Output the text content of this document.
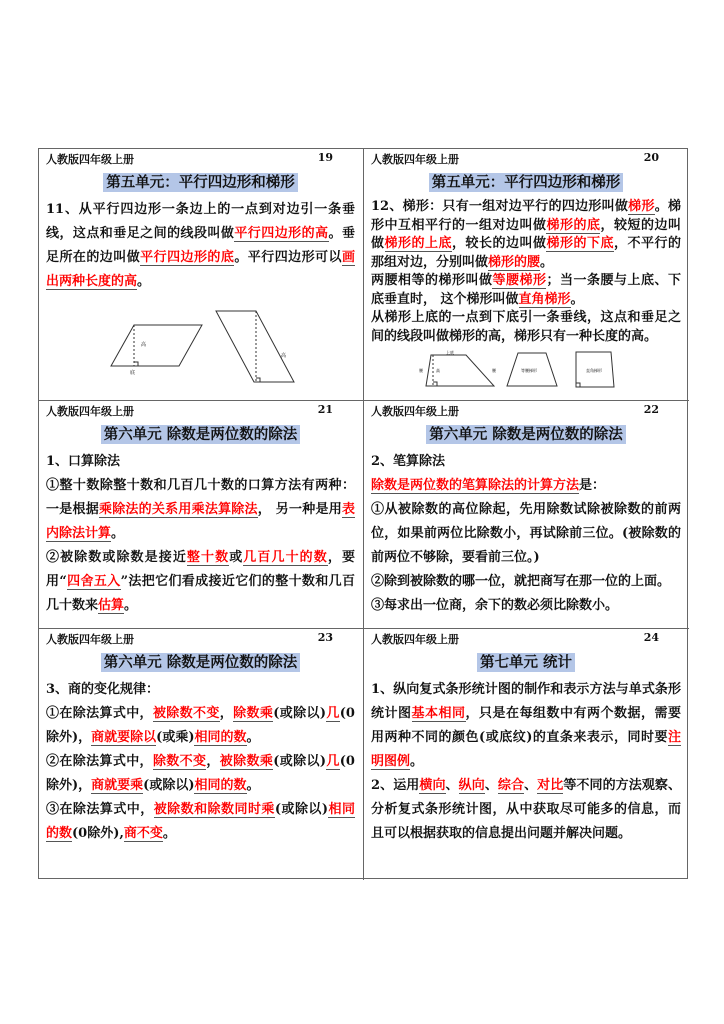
人教版四年级上册	19
第五单元：平行四边形和梯形
11、从平行四边形一条边上的一点到对边引一条垂线，这点和垂足之间的线段叫做平行四边形的高。垂足所在的边叫做平行四边形的底。平行四边形可以画出两种长度的高。
高
底
高
人教版四年级上册	20
第五单元：平行四边形和梯形
12、梯形：只有一组对边平行的四边形叫做梯形。梯形中互相平行的一组对边叫做梯形的底，较短的边叫做梯形的上底，较长的边叫做梯形的下底，不平行的那组对边，分别叫做梯形的腰。
两腰相等的梯形叫做等腰梯形；当一条腰与上底、下底垂直时， 这个梯形叫做直角梯形。
从梯形上底的一点到下底引一条垂线，这点和垂足之间的线段叫做梯形的高，梯形只有一种长度的高。
上底
腰	高	腰	等腰梯形	直角梯形
人教版四年级上册	21
第六单元 除数是两位数的除法
1、口算除法
①整十数除整十数和几百几十数的口算方法有两种：一是根据乘除法的关系用乘法算除法， 另一种是用表内除法计算。
②被除数或除数是接近整十数或几百几十的数，要用“四舍五入”法把它们看成接近它们的整十数和几百几十数来估算。
人教版四年级上册	22
第六单元 除数是两位数的除法
2、笔算除法
除数是两位数的笔算除法的计算方法是：
①从被除数的高位除起，先用除数试除被除数的前两位，如果前两位比除数小，再试除前三位。(被除数的前两位不够除，要看前三位。)
②除到被除数的哪一位，就把商写在那一位的上面。
③每求出一位商，余下的数必须比除数小。
人教版四年级上册	23
第六单元 除数是两位数的除法
3、商的变化规律：
①在除法算式中，被除数不变，除数乘(或除以)几(0除外)，商就要除以(或乘)相同的数。
②在除法算式中，除数不变，被除数乘(或除以)几(0除外)，商就要乘(或除以)相同的数。
③在除法算式中，被除数和除数同时乘(或除以)相同的数(0除外),商不变。
人教版四年级上册	24
第七单元 统计
1、纵向复式条形统计图的制作和表示方法与单式条形统计图基本相同，只是在每组数中有两个数据，需要用两种不同的颜色(或底纹)的直条来表示，同时要注明图例。
2、运用横向、纵向、综合、对比等不同的方法观察、分析复式条形统计图，从中获取尽可能多的信息，而且可以根据获取的信息提出问题并解决问题。
